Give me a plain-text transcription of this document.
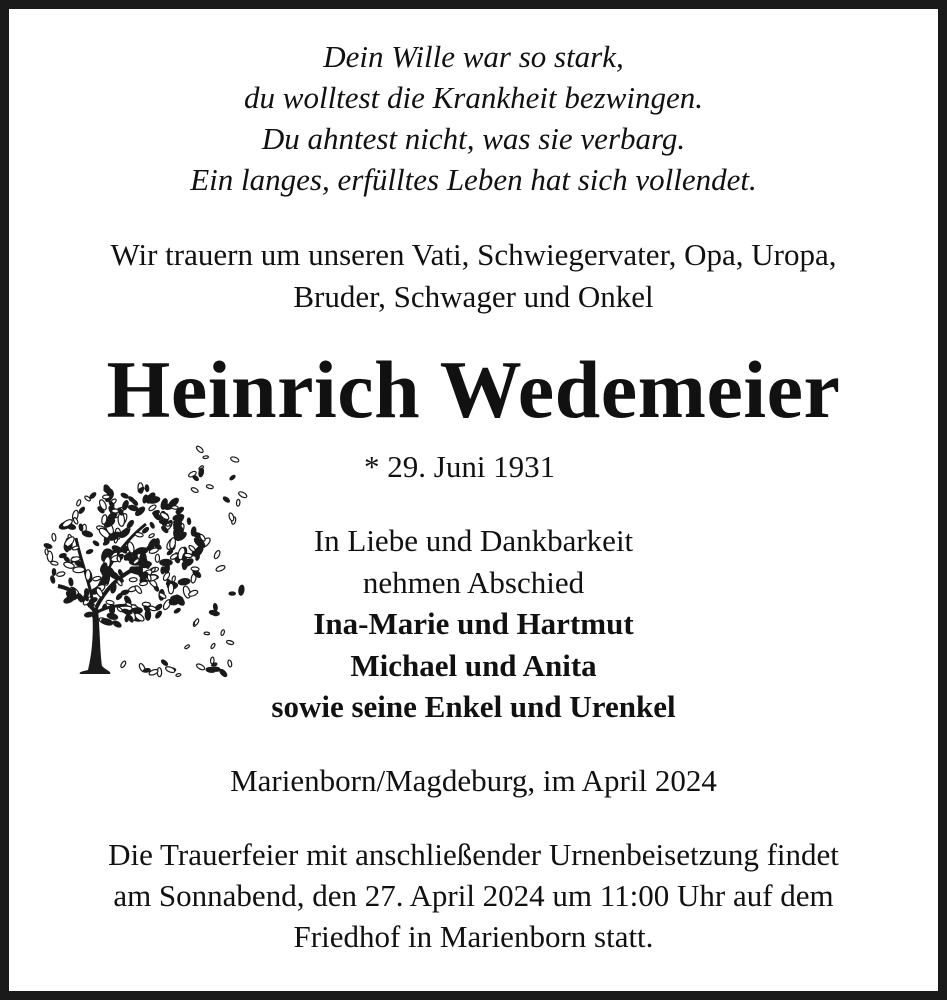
Dein Wille war so stark,
du wolltest die Krankheit bezwingen.
Du ahntest nicht, was sie verbarg.
Ein langes, erfülltes Leben hat sich vollendet.
Wir trauern um unseren Vati, Schwiegervater, Opa, Uropa,
Bruder, Schwager und Onkel
Heinrich Wedemeier
* 29. Juni 1931
In Liebe und Dankbarkeit
nehmen Abschied
Ina-Marie und Hartmut
Michael und Anita
sowie seine Enkel und Urenkel
Marienborn/Magdeburg, im April 2024
Die Trauerfeier mit anschließender Urnenbeisetzung findet
am Sonnabend, den 27. April 2024 um 11:00 Uhr auf dem
Friedhof in Marienborn statt.
